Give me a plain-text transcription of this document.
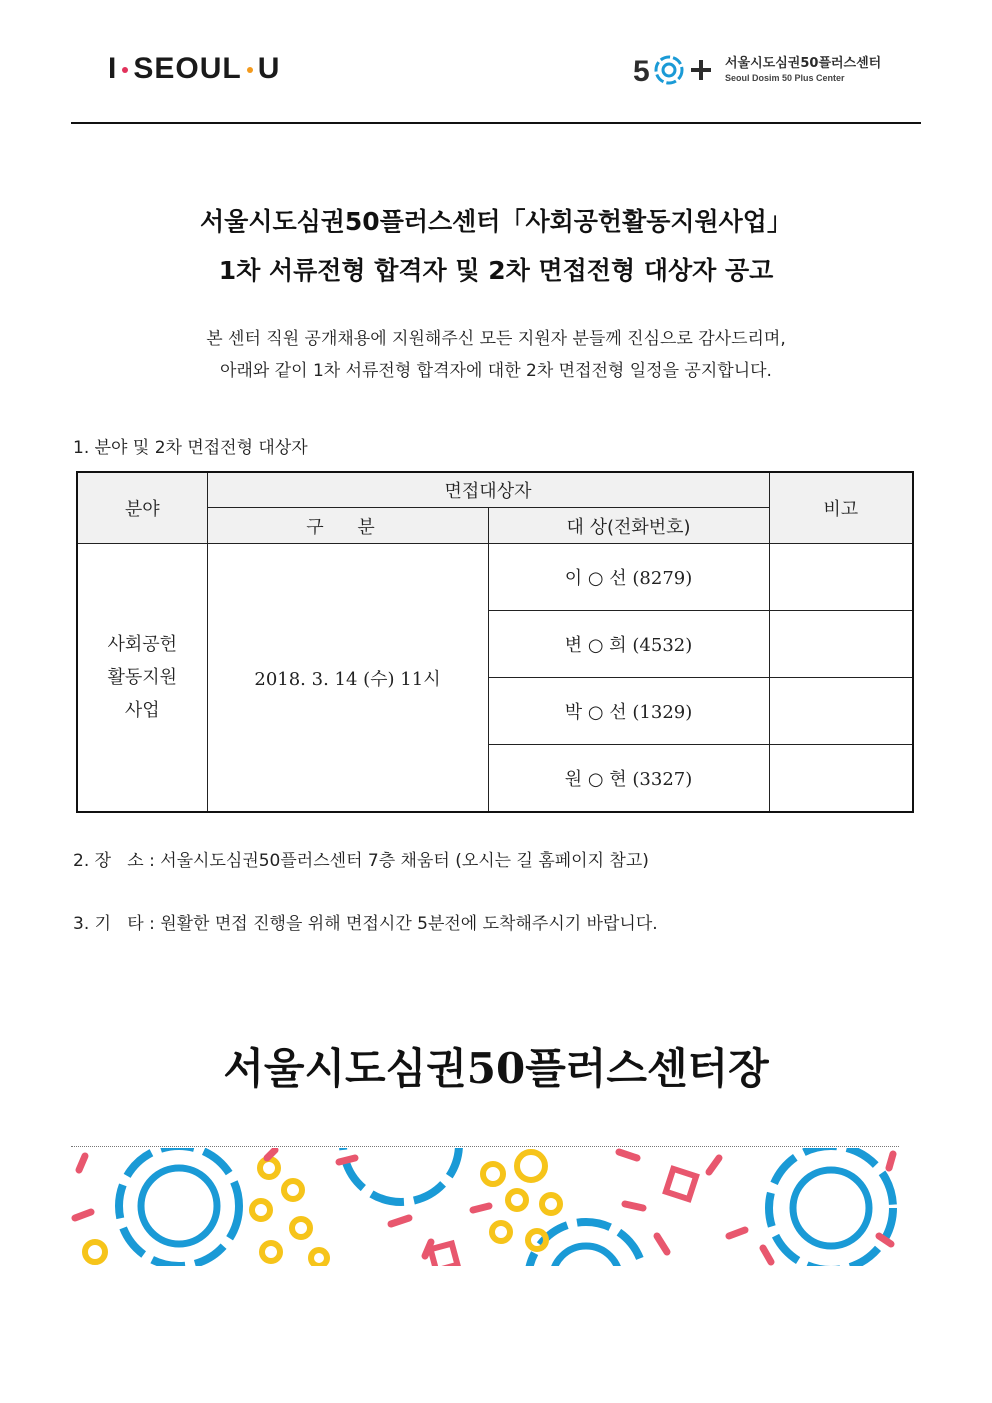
I SEOUL U	5	서울시도심권50플러스센터
Seoul Dosim 50 Plus Center
서울시도심권50플러스센터「사회공헌활동지원사업」
1차 서류전형 합격자 및 2차 면접전형 대상자 공고
본 센터 직원 공개채용에 지원해주신 모든 지원자 분들께 진심으로 감사드리며,
아래와 같이 1차 서류전형 합격자에 대한 2차 면접전형 일정을 공지합니다.
1. 분야 및 2차 면접전형 대상자
분야	면접대상자		비고
	구 분	대 상(전화번호)	

사회공헌
활동지원
사업	2018. 3. 14 (수) 11시	이 ○ 선 (8279)	
		변 ○ 희 (4532)	
		박 ○ 선 (1329)	
		원 ○ 현 (3327)	
2. 장   소 : 서울시도심권50플러스센터 7층 채움터 (오시는 길 홈페이지 참고)
3. 기   타 : 원활한 면접 진행을 위해 면접시간 5분전에 도착해주시기 바랍니다.
서울시도심권50플러스센터장
